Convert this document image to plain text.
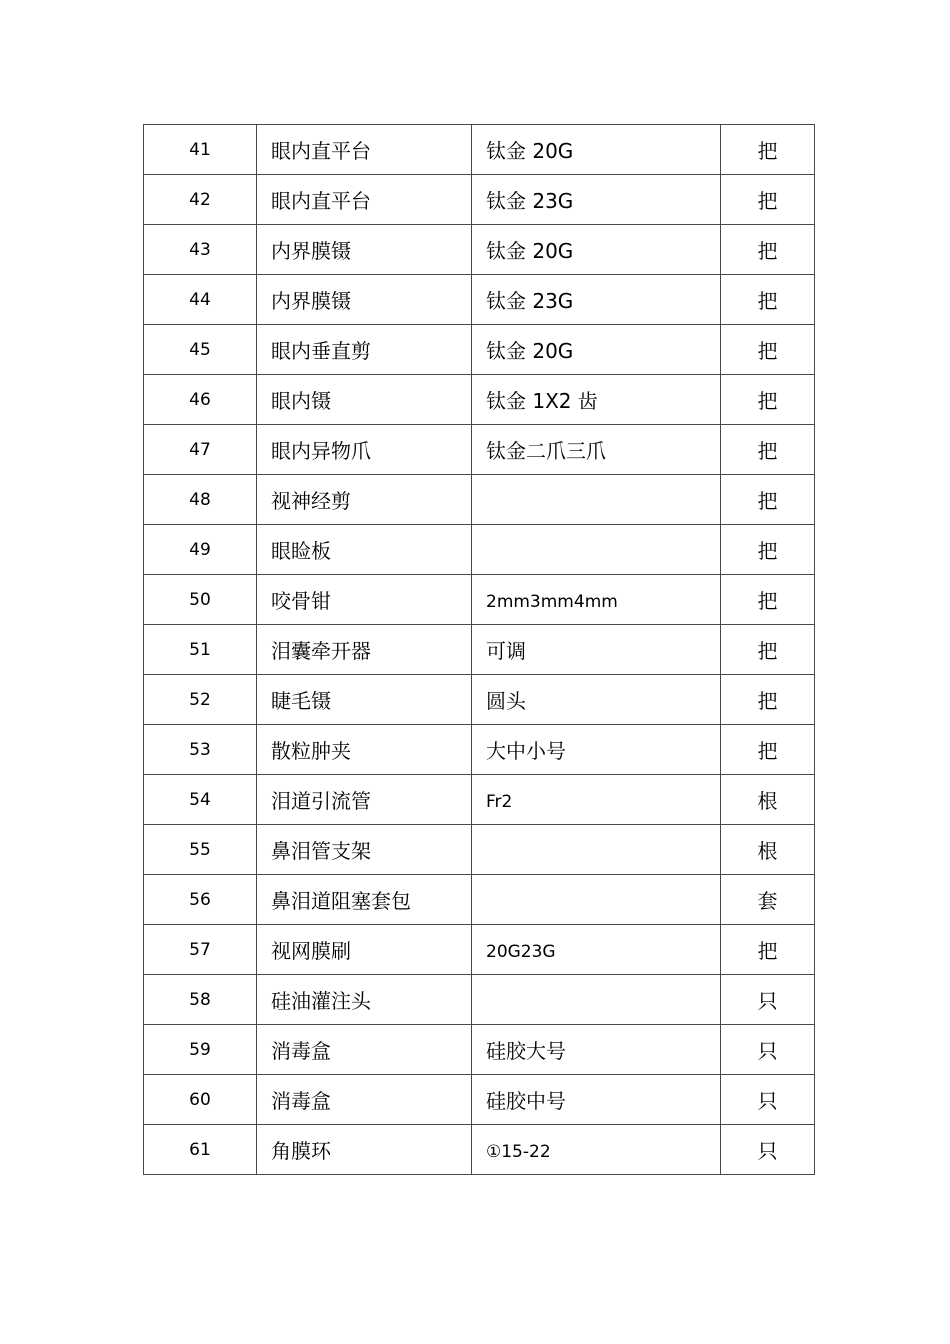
41	眼内直平台	钛金 20G	把
42	眼内直平台	钛金 23G	把
43	内界膜镊	钛金 20G	把
44	内界膜镊	钛金 23G	把
45	眼内垂直剪	钛金 20G	把
46	眼内镊	钛金 1X2 齿	把
47	眼内异物爪	钛金二爪三爪	把
48	视神经剪		把
49	眼睑板		把
50	咬骨钳	2mm3mm4mm	把
51	泪囊牵开器	可调	把
52	睫毛镊	圆头	把
53	散粒肿夹	大中小号	把
54	泪道引流管	Fr2	根
55	鼻泪管支架		根
56	鼻泪道阻塞套包		套
57	视网膜刷	20G23G	把
58	硅油灌注头		只
59	消毒盒	硅胶大号	只
60	消毒盒	硅胶中号	只
61	角膜环	①15-22	只
